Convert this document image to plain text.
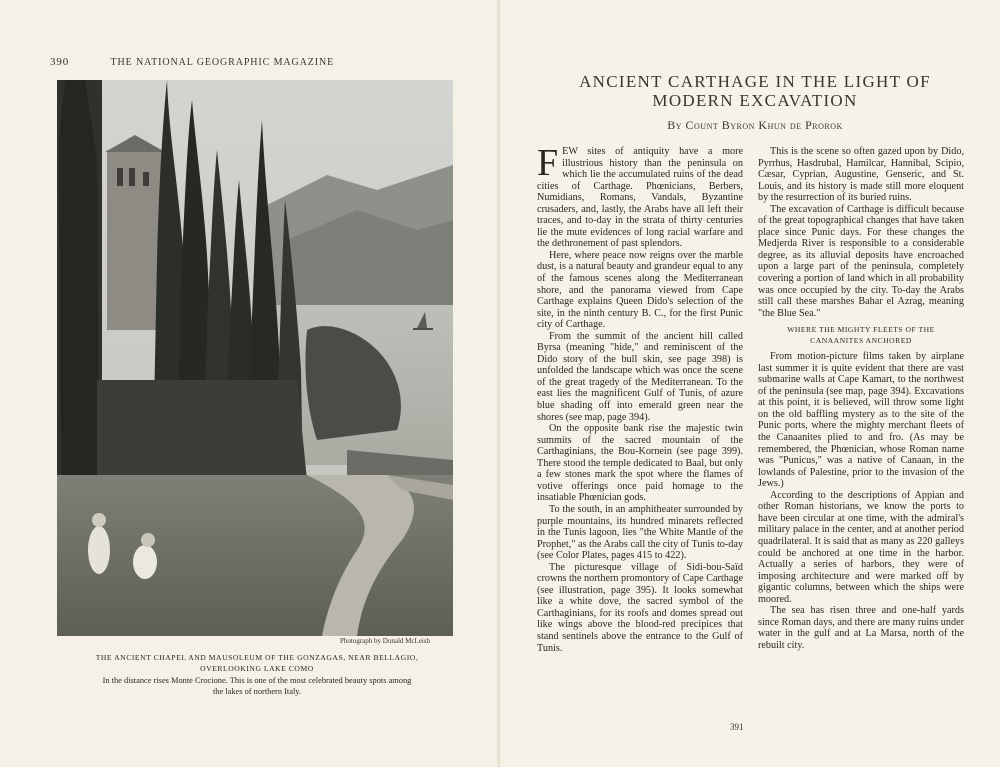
390	THE NATIONAL GEOGRAPHIC MAGAZINE
Photograph by Donald McLeish
THE ANCIENT CHAPEL AND MAUSOLEUM OF THE GONZAGAS, NEAR BELLAGIO,
OVERLOOKING LAKE COMO
In the distance rises Monte Crocione. This is one of the most celebrated beauty spots among
the lakes of northern Italy.
ANCIENT CARTHAGE IN THE LIGHT OF
MODERN EXCAVATION
By Count Byron Khun de Prorok

FEW sites of antiquity have a more illustrious history than the peninsula on which lie the accumulated ruins of the dead cities of Carthage. Phœnicians, Berbers, Numidians, Romans, Vandals, Byzantine crusaders, and, lastly, the Arabs have all left their traces, and to-day in the strata of thirty centuries lie the mute evidences of long racial warfare and the dethronement of past splendors.

Here, where peace now reigns over the marble dust, is a natural beauty and grandeur equal to any of the famous scenes along the Mediterranean shore, and the panorama viewed from Cape Carthage explains Queen Dido's selection of the site, in the ninth century B. C., for the first Punic city of Carthage.

From the summit of the ancient hill called Byrsa (meaning "hide," and reminiscent of the Dido story of the bull skin, see page 398) is unfolded the landscape which was once the scene of the great tragedy of the Mediterranean. To the east lies the magnificent Gulf of Tunis, of azure blue shading off into emerald green near the shores (see map, page 394).

On the opposite bank rise the majestic twin summits of the sacred mountain of the Carthaginians, the Bou-Kornein (see page 399). There stood the temple dedicated to Baal, but only a few stones mark the spot where the flames of votive offerings once paid homage to the insatiable Phœnician gods.

To the south, in an amphitheater surrounded by purple mountains, its hundred minarets reflected in the Tunis lagoon, lies "the White Mantle of the Prophet," as the Arabs call the city of Tunis to-day (see Color Plates, pages 415 to 422).

The picturesque village of Sidi-bou-Saïd crowns the northern promontory of Cape Carthage (see illustration, page 395). It looks somewhat like a white dove, the sacred symbol of the Carthaginians, for its roofs and domes spread out like wings above the blood-red precipices that stand sentinels above the entrance to the Gulf of Tunis.

This is the scene so often gazed upon by Dido, Pyrrhus, Hasdrubal, Hamilcar, Hannibal, Scipio, Cæsar, Cyprian, Augustine, Genseric, and St. Louis, and its history is made still more eloquent by the resurrection of its buried ruins.

The excavation of Carthage is difficult because of the great topographical changes that have taken place since Punic days. For these changes the Medjerda River is responsible to a considerable degree, as its alluvial deposits have encroached upon a large part of the peninsula, completely covering a portion of land which in all probability was once occupied by the city. To-day the Arabs still call these marshes Bahar el Azrag, meaning "the Blue Sea."

WHERE THE MIGHTY FLEETS OF THE
CANAANITES ANCHORED

From motion-picture films taken by airplane last summer it is quite evident that there are vast submarine walls at Cape Kamart, to the northwest of the peninsula (see map, page 394). Excavations at this point, it is believed, will throw some light on the old baffling mystery as to the site of the Punic ports, where the mighty merchant fleets of the Canaanites plied to and fro. (As may be remembered, the Phœnician, whose Roman name was "Punicus," was a native of Canaan, in the lowlands of Palestine, prior to the invasion of the Jews.)

According to the descriptions of Appian and other Roman historians, we know the ports to have been circular at one time, with the admiral's military palace in the center, and at another period quadrilateral. It is said that as many as 220 galleys could be anchored at one time in the harbor. Actually a series of harbors, they were of imposing architecture and were marked off by gigantic columns, between which the ships were moored.

The sea has risen three and one-half yards since Roman days, and there are many ruins under water in the gulf and at La Marsa, north of the rebuilt city.

391
